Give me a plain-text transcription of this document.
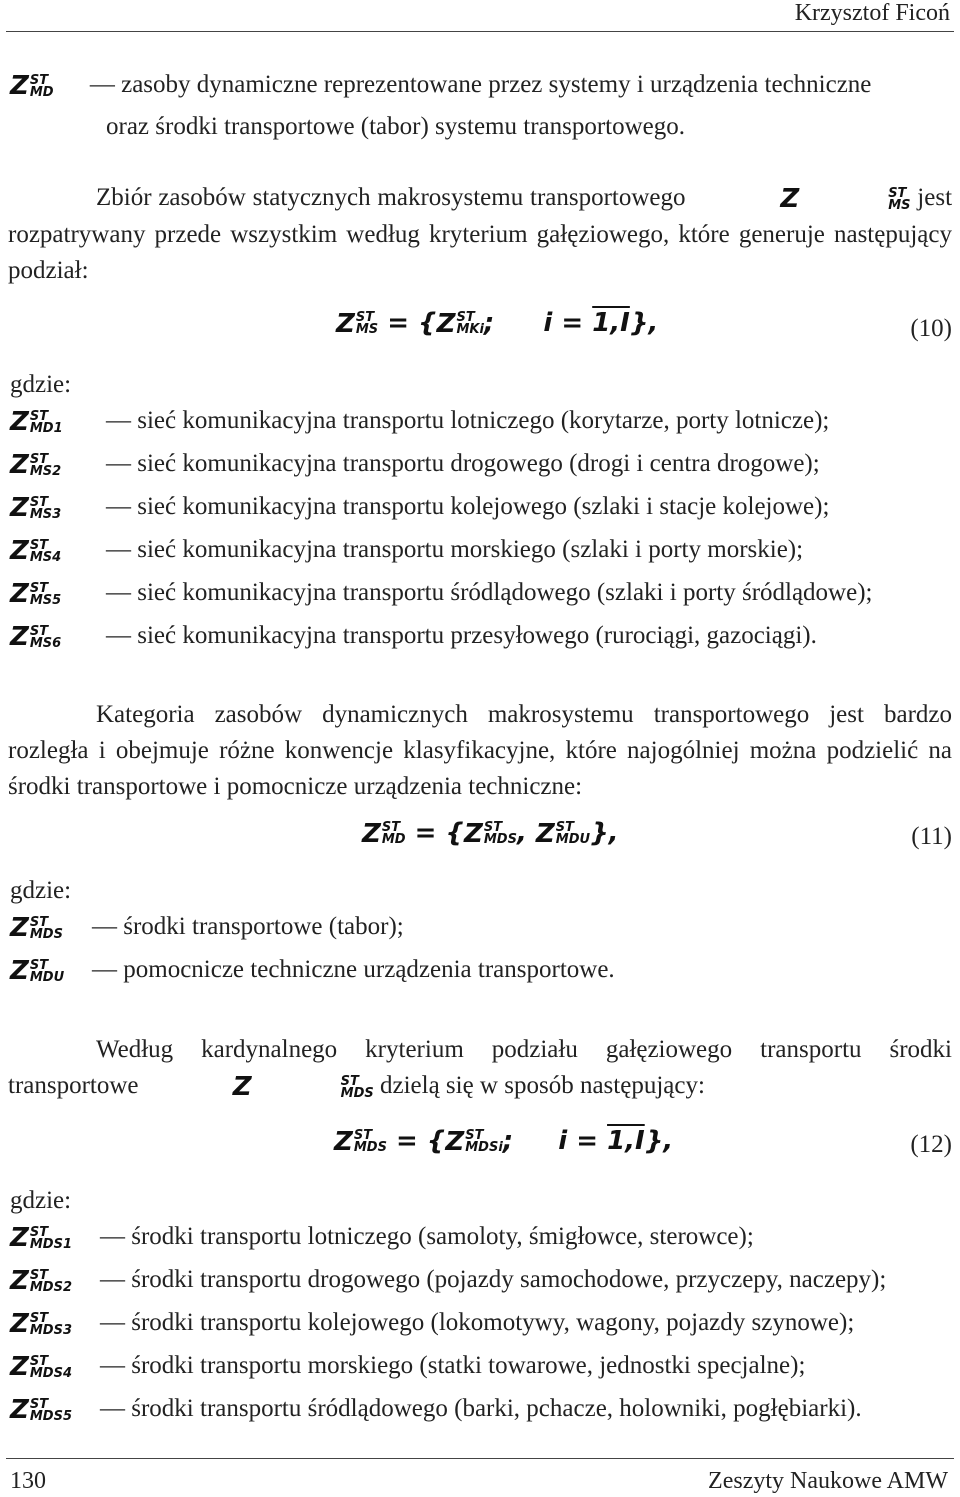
Krzysztof Ficoń
Z ST
MD — zasoby dynamiczne reprezentowane przez systemy i urządzenia techniczne
oraz środki transportowe (tabor) systemu transportowego.
Zbiór zasobów statycznych makrosystemu transportowego	Z	ST
MS jest rozpatrywany przede wszystkim według kryterium gałęziowego, które generuje następujący podział:
Z ST
MS = {Z ST
MKi ; i = 1,I},	(10)
gdzie:
Z ST
MD1 — sieć komunikacyjna transportu lotniczego (korytarze, porty lotnicze);
Z ST
MS2 — sieć komunikacyjna transportu drogowego (drogi i centra drogowe);
Z ST
MS3 — sieć komunikacyjna transportu kolejowego (szlaki i stacje kolejowe);
Z ST
MS4 — sieć komunikacyjna transportu morskiego (szlaki i porty morskie);
Z ST
MS5 — sieć komunikacyjna transportu śródlądowego (szlaki i porty śródlądowe);
Z ST
MS6 — sieć komunikacyjna transportu przesyłowego (rurociągi, gazociągi).
Kategoria zasobów dynamicznych makrosystemu transportowego jest bardzo rozległa i obejmuje różne konwencje klasyfikacyjne, które najogólniej można podzielić na środki transportowe i pomocnicze urządzenia techniczne:
Z ST
MD = {Z ST
MDS , Z ST
MDU },	(11)
gdzie:
Z ST
MDS — środki transportowe (tabor);
Z ST
MDU — pomocnicze techniczne urządzenia transportowe.
Według kardynalnego kryterium podziału gałęziowego transportu środki transportowe	Z	ST
MDS dzielą się w sposób następujący:
Z ST
MDS = {Z ST
MDSi ; i = 1,I},	(12)
gdzie:
Z ST
MDS1 — środki transportu lotniczego (samoloty, śmigłowce, sterowce);
Z ST
MDS2 — środki transportu drogowego (pojazdy samochodowe, przyczepy, naczepy);
Z ST
MDS3 — środki transportu kolejowego (lokomotywy, wagony, pojazdy szynowe);
Z ST
MDS4 — środki transportu morskiego (statki towarowe, jednostki specjalne);
Z ST
MDS5 — środki transportu śródlądowego (barki, pchacze, holowniki, pogłębiarki).
130	Zeszyty Naukowe AMW
